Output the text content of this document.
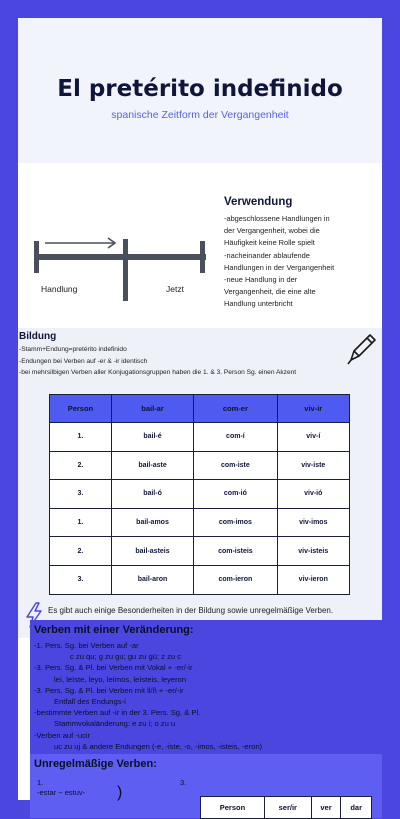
El pretérito indefinido
spanische Zeitform der Vergangenheit
Handlung	Jetzt
Verwendung

-abgeschlossene Handlungen in

der Vergangenheit, wobei die

Häufigkeit keine Rolle spielt

-nacheinander ablaufende

Handlungen in der Vergangenheit

-neue Handlung in der

Vergangenheit, die eine alte

Handlung unterbricht

Bildung
-Stamm+Endung=pretérito indefinido
-Endungen bei Verben auf -er & -ir identisch
-bei mehrsilbigen Verben aller Konjugationsgruppen haben die 1. & 3. Person Sg. einen Akzent
Person	bail-ar	com-er	viv-ir
1.	bail-é	com-í	viv-í
2.	bail-aste	com-iste	viv-iste
3.	bail-ó	com-ió	viv-ió
1.	bail-amos	com-imos	viv-imos
2.	bail-asteis	com-isteis	viv-isteis
3.	bail-aron	com-ieron	viv-ieron
Es gibt auch einige Besonderheiten in der Bildung sowie unregelmäßige Verben.
Verben mit einer Veränderung:
-1. Pers. Sg. bei Verben auf -ar
c zu qu; g zu gu; gu zu gü; z zu c
-3. Pers. Sg. & Pl. bei Verben mit Vokal + -er/-ir
leí, leíste, leyo, leímos, leísteis, leyeron
-3. Pers. Sg. & Pl. bei Verben mit ll/ñ + -er/-ir
Entfall des Endungs-i
-bestimmte Verben auf -ir in der 3. Pers. Sg. & Pl.
Stammvokaländerung: e zu i; o zu u
-Verben auf -ucir
uc zu uj & andere Endungen (-e, -iste, -o, -imos, -isteis, -eron)
Unregelmäßige Verben:
1.
-estar ~ estuv- )
3.
Person	ser/ir	ver	dar
